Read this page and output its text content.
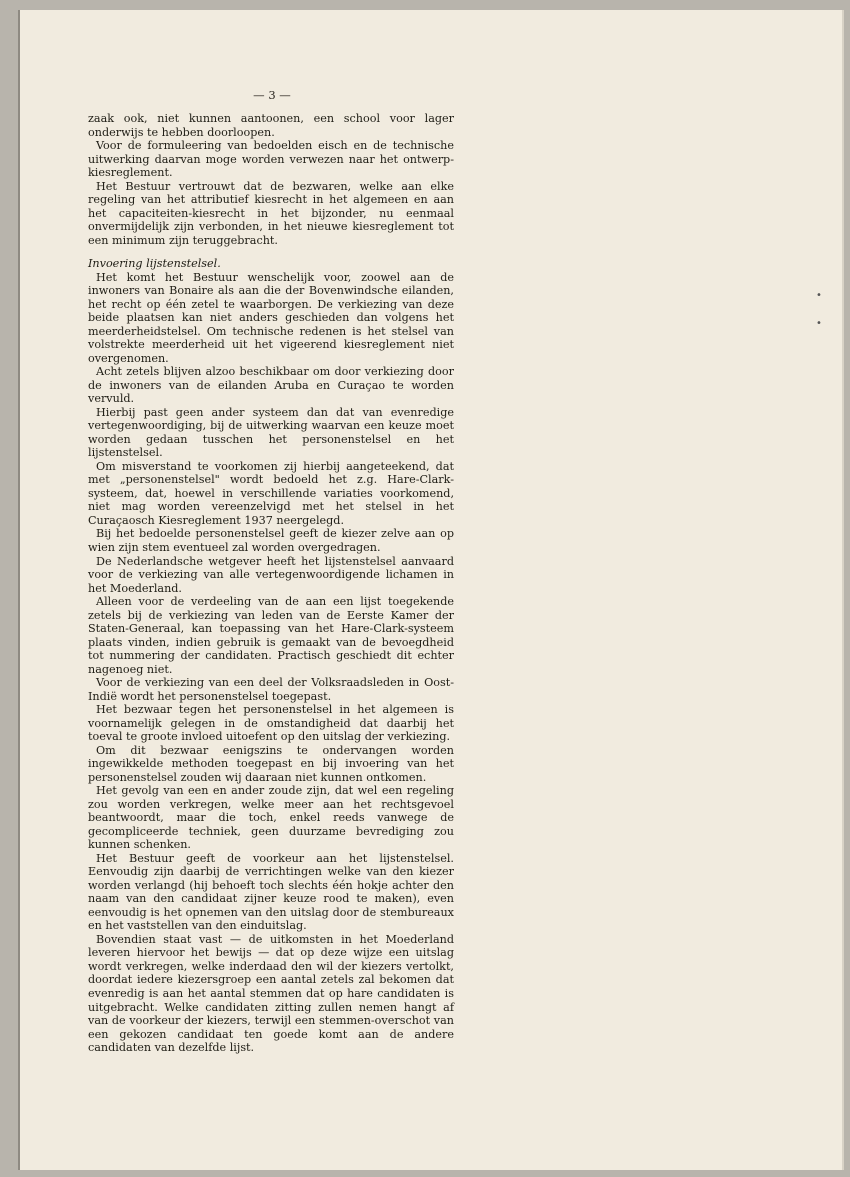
— 3 —

zaak ook, niet kunnen aantoonen, een school voor lager onderwijs te hebben doorloopen.

Voor de formuleering van bedoelden eisch en de technische uitwerking daarvan moge worden verwezen naar het ontwerp-kiesreglement.

Het Bestuur vertrouwt dat de bezwaren, welke aan elke regeling van het attributief kiesrecht in het algemeen en aan het capaciteiten-kiesrecht in het bijzonder, nu eenmaal onvermijdelijk zijn verbonden, in het nieuwe kiesreglement tot een minimum zijn teruggebracht.

Invoering lijstenstelsel.

Het komt het Bestuur wenschelijk voor, zoowel aan de inwoners van Bonaire als aan die der Bovenwindsche eilanden, het recht op één zetel te waarborgen. De verkiezing van deze beide plaatsen kan niet anders geschieden dan volgens het meerderheidstelsel. Om technische redenen is het stelsel van volstrekte meerderheid uit het vigeerend kiesreglement niet overgenomen.

Acht zetels blijven alzoo beschikbaar om door verkiezing door de inwoners van de eilanden Aruba en Curaçao te worden vervuld.

Hierbij past geen ander systeem dan dat van evenredige vertegenwoordiging, bij de uitwerking waarvan een keuze moet worden gedaan tusschen het personenstelsel en het lijstenstelsel.

Om misverstand te voorkomen zij hierbij aangeteekend, dat met „personenstelsel" wordt bedoeld het z.g. Hare-Clark-systeem, dat, hoewel in verschillende variaties voorkomend, niet mag worden vereenzelvigd met het stelsel in het Curaçaosch Kiesreglement 1937 neergelegd.

Bij het bedoelde personenstelsel geeft de kiezer zelve aan op wien zijn stem eventueel zal worden overgedragen.

De Nederlandsche wetgever heeft het lijstenstelsel aanvaard voor de verkiezing van alle vertegenwoordigende lichamen in het Moederland.

Alleen voor de verdeeling van de aan een lijst toegekende zetels bij de verkiezing van leden van de Eerste Kamer der Staten-Generaal, kan toepassing van het Hare-Clark-systeem plaats vinden, indien gebruik is gemaakt van de bevoegdheid tot nummering der candidaten. Practisch geschiedt dit echter nagenoeg niet.

Voor de verkiezing van een deel der Volksraadsleden in Oost-Indië wordt het personenstelsel toegepast.

Het bezwaar tegen het personenstelsel in het algemeen is voornamelijk gelegen in de omstandigheid dat daarbij het toeval te groote invloed uitoefent op den uitslag der verkiezing.

Om dit bezwaar eenigszins te ondervangen worden ingewikkelde methoden toegepast en bij invoering van het personenstelsel zouden wij daaraan niet kunnen ontkomen.

Het gevolg van een en ander zoude zijn, dat wel een regeling zou worden verkregen, welke meer aan het rechtsgevoel beantwoordt, maar die toch, enkel reeds vanwege de gecompliceerde techniek, geen duurzame bevrediging zou kunnen schenken.

Het Bestuur geeft de voorkeur aan het lijstenstelsel. Eenvoudig zijn daarbij de verrichtingen welke van den kiezer worden verlangd (hij behoeft toch slechts één hokje achter den naam van den candidaat zijner keuze rood te maken), even eenvoudig is het opnemen van den uitslag door de stembureaux en het vaststellen van den einduitslag.

Bovendien staat vast — de uitkomsten in het Moederland leveren hiervoor het bewijs — dat op deze wijze een uitslag wordt verkregen, welke inderdaad den wil der kiezers vertolkt, doordat iedere kiezersgroep een aantal zetels zal bekomen dat evenredig is aan het aantal stemmen dat op hare candidaten is uitgebracht. Welke candidaten zitting zullen nemen hangt af van de voorkeur der kiezers, terwijl een stemmen-overschot van een gekozen candidaat ten goede komt aan de andere candidaten van dezelfde lijst.

•
•
